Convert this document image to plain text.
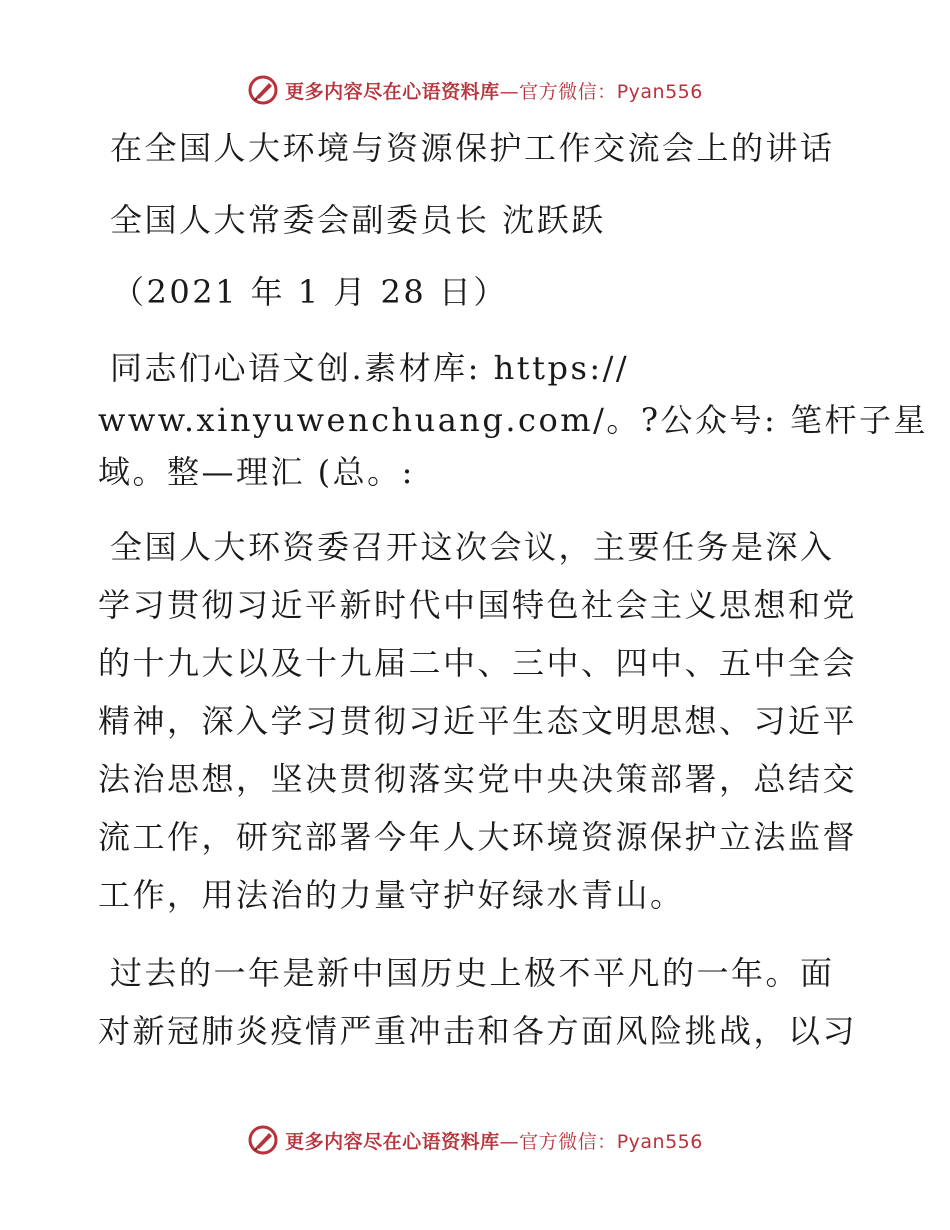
更多内容尽在心语资料库—官方微信：Pyan556
在全国人大环境与资源保护工作交流会上的讲话
全国人大常委会副委员长 沈跃跃
（2021 年 1 月 28 日）
同志们心语文创.素材库: https://
www.xinyuwenchuang.com/。?公众号: 笔杆子星
域。整—理汇 (总。:
全国人大环资委召开这次会议，主要任务是深入
学习贯彻习近平新时代中国特色社会主义思想和党
的十九大以及十九届二中、三中、四中、五中全会
精神，深入学习贯彻习近平生态文明思想、习近平
法治思想，坚决贯彻落实党中央决策部署，总结交
流工作，研究部署今年人大环境资源保护立法监督
工作，用法治的力量守护好绿水青山。
过去的一年是新中国历史上极不平凡的一年。面
对新冠肺炎疫情严重冲击和各方面风险挑战，以习
更多内容尽在心语资料库—官方微信：Pyan556
